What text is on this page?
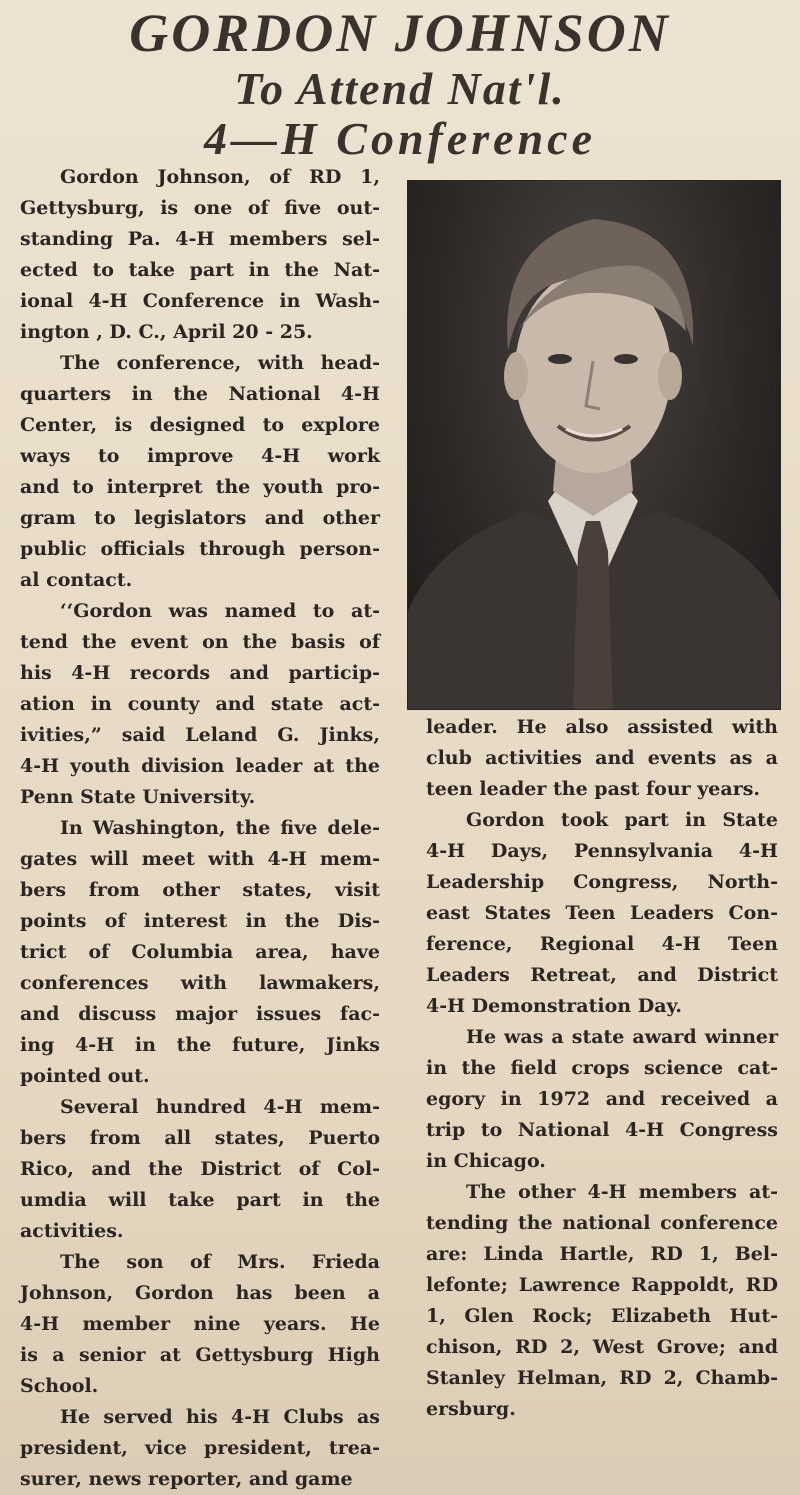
GORDON JOHNSON
To Attend Nat'l.
4—H Conference
Gordon Johnson, of RD 1,
Gettysburg, is one of five out-
standing Pa. 4-H members sel-
ected to take part in the Nat-
ional 4-H Conference in Wash-
ington , D. C., April 20 - 25.
The conference, with head-
quarters in the National 4-H
Center, is designed to explore
ways to improve 4-H work
and to interpret the youth pro-
gram to legislators and other
public officials through person-
al contact.
‘‘Gordon was named to at-
tend the event on the basis of
his 4-H records and particip-
ation in county and state act-
ivities,” said Leland G. Jinks,
4-H youth division leader at the
Penn State University.
In Washington, the five dele-
gates will meet with 4-H mem-
bers from other states, visit
points of interest in the Dis-
trict of Columbia area, have
conferences with lawmakers,
and discuss major issues fac-
ing 4-H in the future, Jinks
pointed out.
Several hundred 4-H mem-
bers from all states, Puerto
Rico, and the District of Col-
umdia will take part in the
activities.
The son of Mrs. Frieda
Johnson, Gordon has been a
4-H member nine years. He
is a senior at Gettysburg High
School.
He served his 4-H Clubs as
president, vice president, trea-
surer, news reporter, and game
leader. He also assisted with
club activities and events as a
teen leader the past four years.
Gordon took part in State
4-H Days, Pennsylvania 4-H
Leadership Congress, North-
east States Teen Leaders Con-
ference, Regional 4-H Teen
Leaders Retreat, and District
4-H Demonstration Day.
He was a state award winner
in the field crops science cat-
egory in 1972 and received a
trip to National 4-H Congress
in Chicago.
The other 4-H members at-
tending the national conference
are: Linda Hartle, RD 1, Bel-
lefonte; Lawrence Rappoldt, RD
1, Glen Rock; Elizabeth Hut-
chison, RD 2, West Grove; and
Stanley Helman, RD 2, Chamb-
ersburg.
